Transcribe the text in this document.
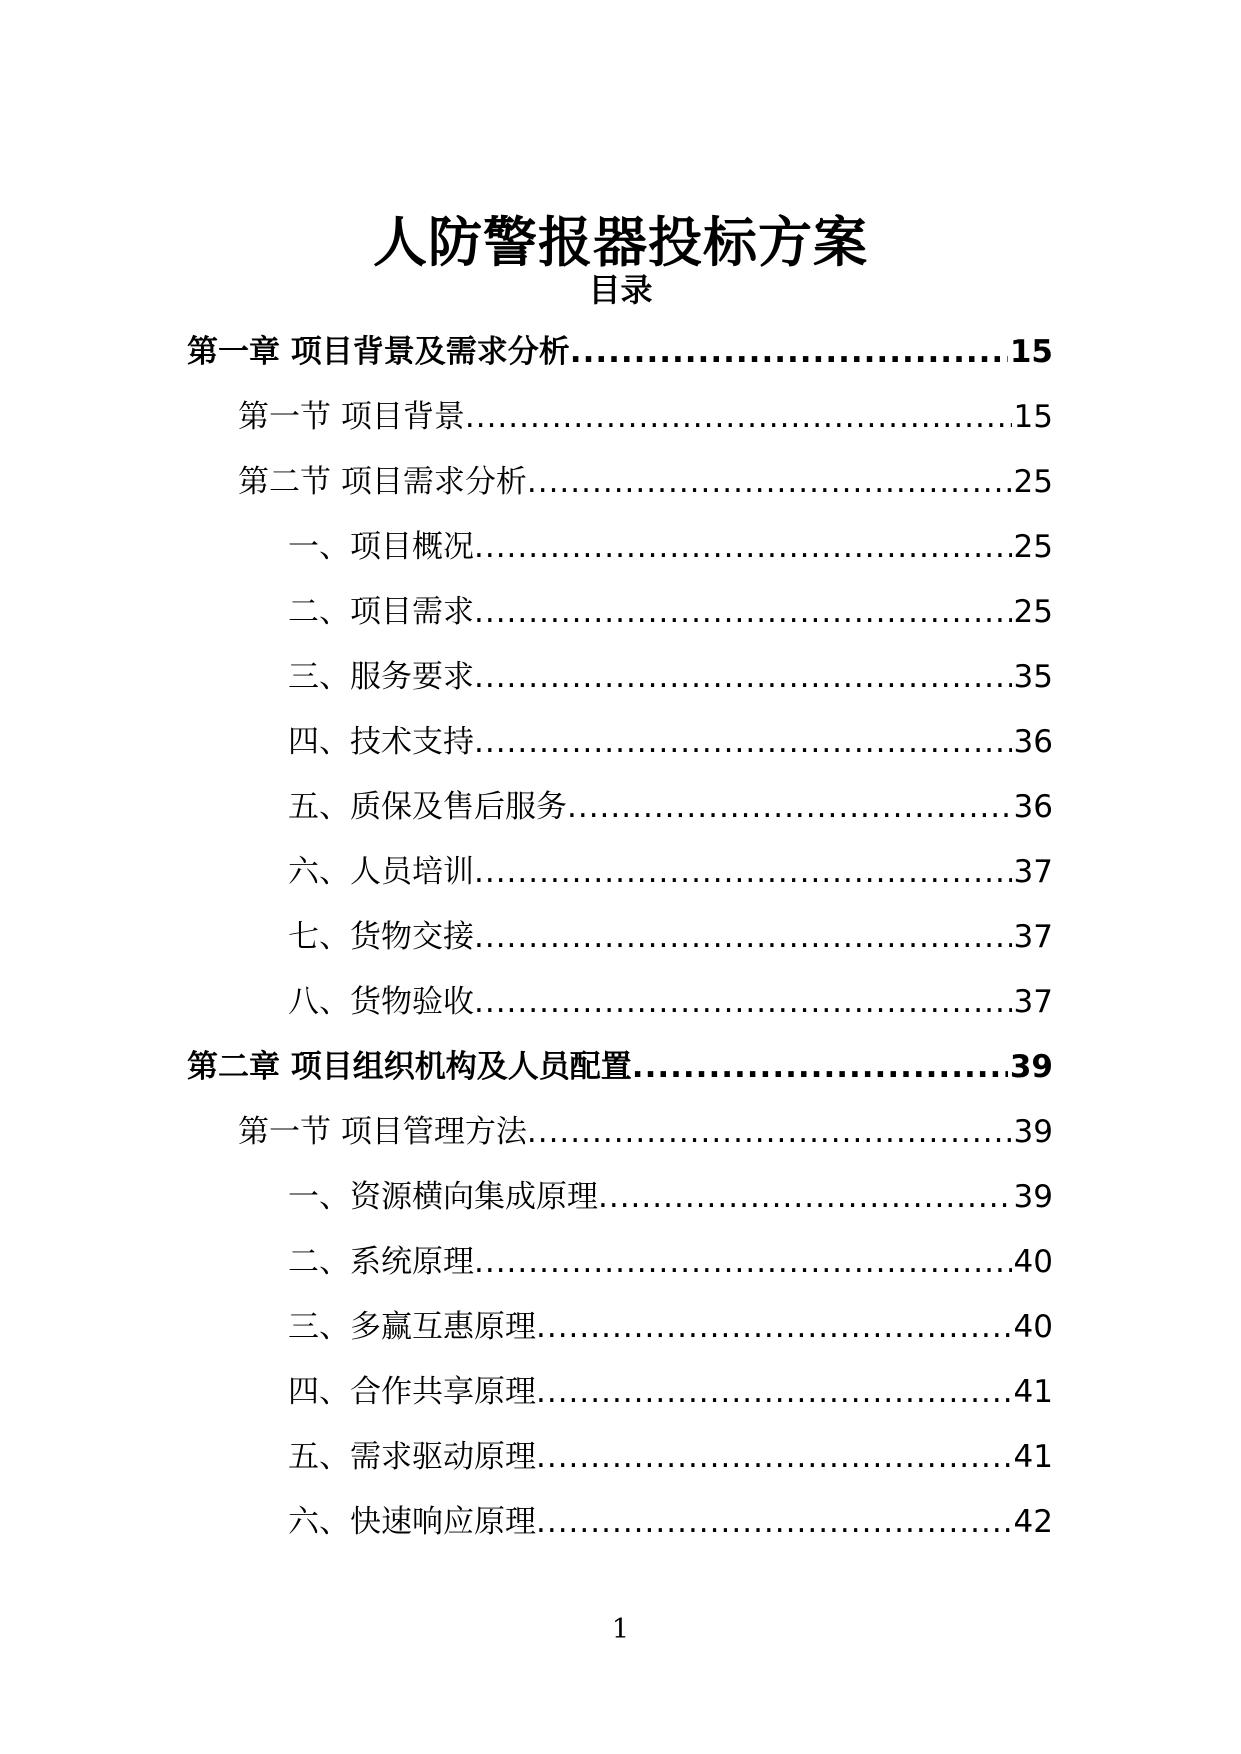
人防警报器投标方案
目录
第一章 项目背景及需求分析 .....	15
第一节 项目背景 .....	15
第二节 项目需求分析 .....	25
一、项目概况 .....	25
二、项目需求 .....	25
三、服务要求 .....	35
四、技术支持 .....	36
五、质保及售后服务 .....	36
六、人员培训 .....	37
七、货物交接 .....	37
八、货物验收 .....	37
第二章 项目组织机构及人员配置 .....	39
第一节 项目管理方法 .....	39
一、资源横向集成原理 .....	39
二、系统原理 .....	40
三、多赢互惠原理 .....	40
四、合作共享原理 .....	41
五、需求驱动原理 .....	41
六、快速响应原理 .....	42
1
